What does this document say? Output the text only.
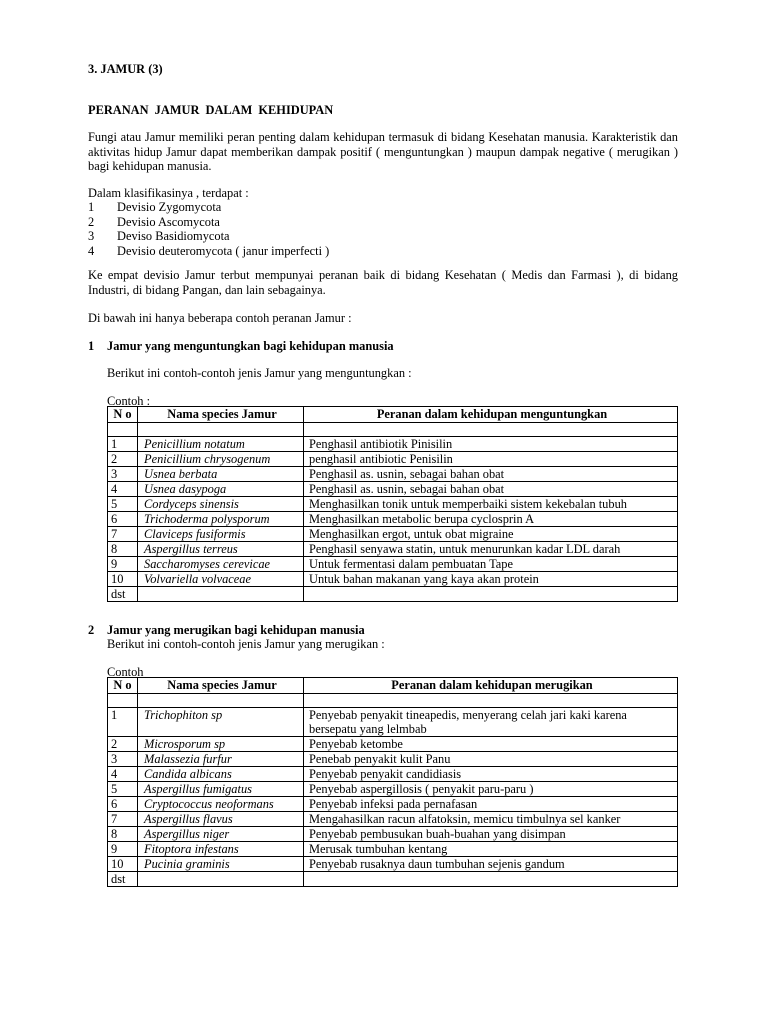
3. JAMUR (3)
PERANAN JAMUR DALAM KEHIDUPAN

Fungi atau Jamur memiliki peran penting dalam kehidupan termasuk di bidang Kesehatan manusia. Karakteristik dan aktivitas hidup Jamur dapat memberikan dampak positif ( menguntungkan ) maupun dampak negative ( merugikan ) bagi kehidupan manusia.

Dalam klasifikasinya , terdapat :
1 Devisio Zygomycota
2 Devisio Ascomycota
3 Deviso Basidiomycota
4 Devisio deuteromycota ( janur imperfecti )

Ke empat devisio Jamur terbut mempunyai peranan baik di bidang Kesehatan ( Medis dan Farmasi ), di bidang Industri, di bidang Pangan, dan lain sebagainya.

Di bawah ini hanya beberapa contoh peranan Jamur :
1 Jamur yang menguntungkan bagi kehidupan manusia
Berikut ini contoh-contoh jenis Jamur yang menguntungkan :
Contoh :
N o	Nama species Jamur	Peranan dalam kehidupan menguntungkan

1	Penicillium notatum	Penghasil antibiotik Pinisilin
2	Penicillium chrysogenum	penghasil antibiotic Penisilin
3	Usnea berbata	Penghasil as. usnin, sebagai bahan obat
4	Usnea dasypoga	Penghasil as. usnin, sebagai bahan obat
5	Cordyceps sinensis	Menghasilkan tonik untuk memperbaiki sistem kekebalan tubuh
6	Trichoderma polysporum	Menghasilkan metabolic berupa cyclosprin A
7	Claviceps fusiformis	Menghasilkan ergot, untuk obat migraine
8	Aspergillus terreus	Penghasil senyawa statin, untuk menurunkan kadar LDL darah
9	Saccharomyses cerevicae	Untuk fermentasi dalam pembuatan Tape
10	Volvariella volvaceae	Untuk bahan makanan yang kaya akan protein
dst		
2 Jamur yang merugikan bagi kehidupan manusia
Berikut ini contoh-contoh jenis Jamur yang merugikan :
Contoh
N o	Nama species Jamur	Peranan dalam kehidupan merugikan

1	Trichophiton sp	Penyebab penyakit tineapedis, menyerang celah jari kaki karena bersepatu yang lelmbab
2	Microsporum sp	Penyebab ketombe
3	Malassezia furfur	Penebab penyakit kulit Panu
4	Candida albicans	Penyebab penyakit candidiasis
5	Aspergillus fumigatus	Penyebab aspergillosis ( penyakit paru-paru )
6	Cryptococcus neoformans	Penyebab infeksi pada pernafasan
7	Aspergillus flavus	Mengahasilkan racun alfatoksin, memicu timbulnya sel kanker
8	Aspergillus niger	Penyebab pembusukan buah-buahan yang disimpan
9	Fitoptora infestans	Merusak tumbuhan kentang
10	Pucinia graminis	Penyebab rusaknya daun tumbuhan sejenis gandum
dst		
